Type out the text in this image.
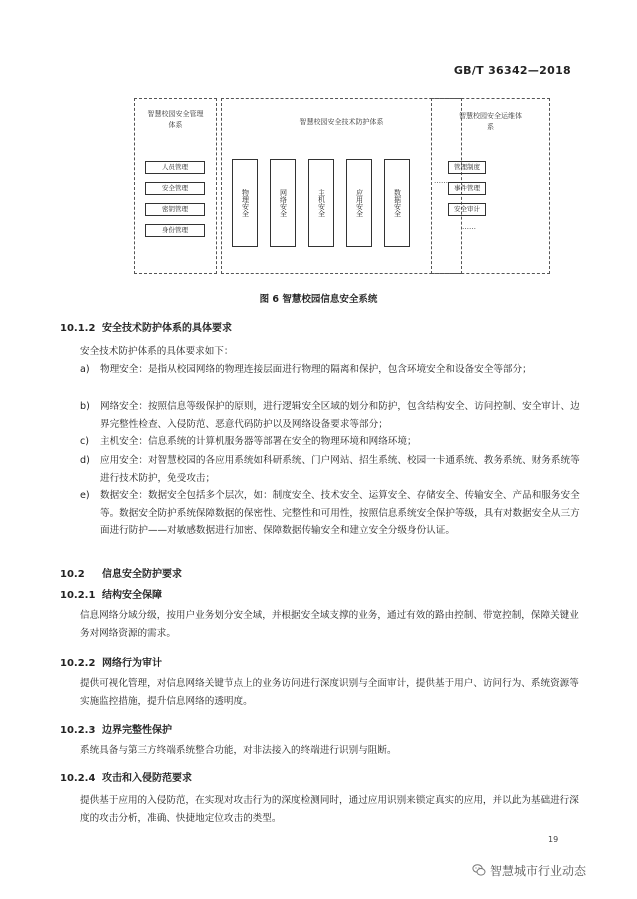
GB/T 36342—2018
智慧校园安全管理体系
人员管理
安全管理
密钥管理
身份管理
智慧校园安全技术防护体系
物理安全	网络安全	主机安全	应用安全	数据安全
……
智慧校园安全运维体系
管理制度
事件管理
安全审计
……
图 6 智慧校园信息安全系统
10.1.2 安全技术防护体系的具体要求
安全技术防护体系的具体要求如下：
a) 物理安全：是指从校园网络的物理连接层面进行物理的隔离和保护，包含环境安全和设备安全等部分；
b) 网络安全：按照信息等级保护的原则，进行逻辑安全区域的划分和防护，包含结构安全、访问控制、安全审计、边界完整性检查、入侵防范、恶意代码防护以及网络设备要求等部分；
c) 主机安全：信息系统的计算机服务器等部署在安全的物理环境和网络环境；
d) 应用安全：对智慧校园的各应用系统如科研系统、门户网站、招生系统、校园一卡通系统、教务系统、财务系统等进行技术防护，免受攻击；
e) 数据安全：数据安全包括多个层次，如：制度安全、技术安全、运算安全、存储安全、传输安全、产品和服务安全等。数据安全防护系统保障数据的保密性、完整性和可用性，按照信息系统安全保护等级，具有对数据安全从三方面进行防护——对敏感数据进行加密、保障数据传输安全和建立安全分级身份认证。
10.2 信息安全防护要求
10.2.1 结构安全保障
信息网络分域分级，按用户业务划分安全域，并根据安全域支撑的业务，通过有效的路由控制、带宽控制，保障关键业务对网络资源的需求。
10.2.2 网络行为审计
提供可视化管理，对信息网络关键节点上的业务访问进行深度识别与全面审计，提供基于用户、访问行为、系统资源等实施监控措施，提升信息网络的透明度。
10.2.3 边界完整性保护
系统具备与第三方终端系统整合功能，对非法接入的终端进行识别与阻断。
10.2.4 攻击和入侵防范要求
提供基于应用的入侵防范，在实现对攻击行为的深度检测同时，通过应用识别来锁定真实的应用，并以此为基础进行深度的攻击分析，准确、快捷地定位攻击的类型。
19
智慧城市行业动态
